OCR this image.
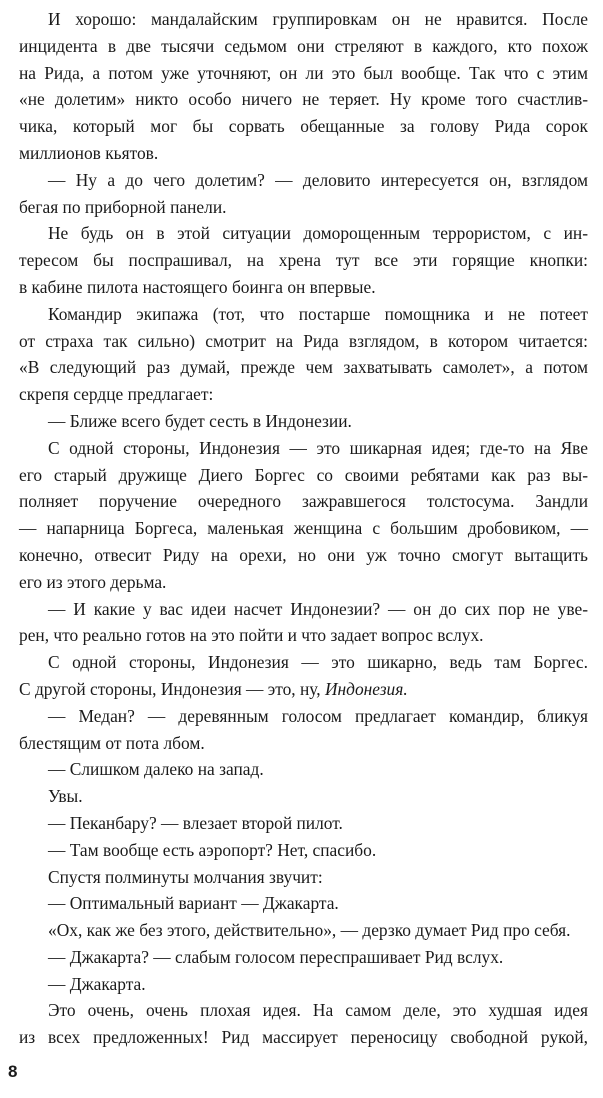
И хорошо: мандалайским группировкам он не нравится. После
инцидента в две тысячи седьмом они стреляют в каждого, кто похож
на Рида, а потом уже уточняют, он ли это был вообще. Так что с этим
«не долетим» никто особо ничего не теряет. Ну кроме того счастлив-
чика, который мог бы сорвать обещанные за голову Рида сорок
миллионов кьятов.
— Ну а до чего долетим? — деловито интересуется он, взглядом
бегая по приборной панели.
Не будь он в этой ситуации доморощенным террористом, с ин-
тересом бы поспрашивал, на хрена тут все эти горящие кнопки:
в кабине пилота настоящего боинга он впервые.
Командир экипажа (тот, что постарше помощника и не потеет
от страха так сильно) смотрит на Рида взглядом, в котором читается:
«В следующий раз думай, прежде чем захватывать самолет», а потом
скрепя сердце предлагает:
— Ближе всего будет сесть в Индонезии.
С одной стороны, Индонезия — это шикарная идея; где-то на Яве
его старый дружище Диего Боргес со своими ребятами как раз вы-
полняет поручение очередного зажравшегося толстосума. Зандли
— напарница Боргеса, маленькая женщина с большим дробовиком, —
конечно, отвесит Риду на орехи, но они уж точно смогут вытащить
его из этого дерьма.
— И какие у вас идеи насчет Индонезии? — он до сих пор не уве-
рен, что реально готов на это пойти и что задает вопрос вслух.
С одной стороны, Индонезия — это шикарно, ведь там Боргес.
С другой стороны, Индонезия — это, ну, Индонезия.
— Медан? — деревянным голосом предлагает командир, бликуя
блестящим от пота лбом.
— Слишком далеко на запад.
Увы.
— Пеканбару? — влезает второй пилот.
— Там вообще есть аэропорт? Нет, спасибо.
Спустя полминуты молчания звучит:
— Оптимальный вариант — Джакарта.
«Ох, как же без этого, действительно», — дерзко думает Рид про себя.
— Джакарта? — слабым голосом переспрашивает Рид вслух.
— Джакарта.
Это очень, очень плохая идея. На самом деле, это худшая идея
из всех предложенных! Рид массирует переносицу свободной рукой,
8
